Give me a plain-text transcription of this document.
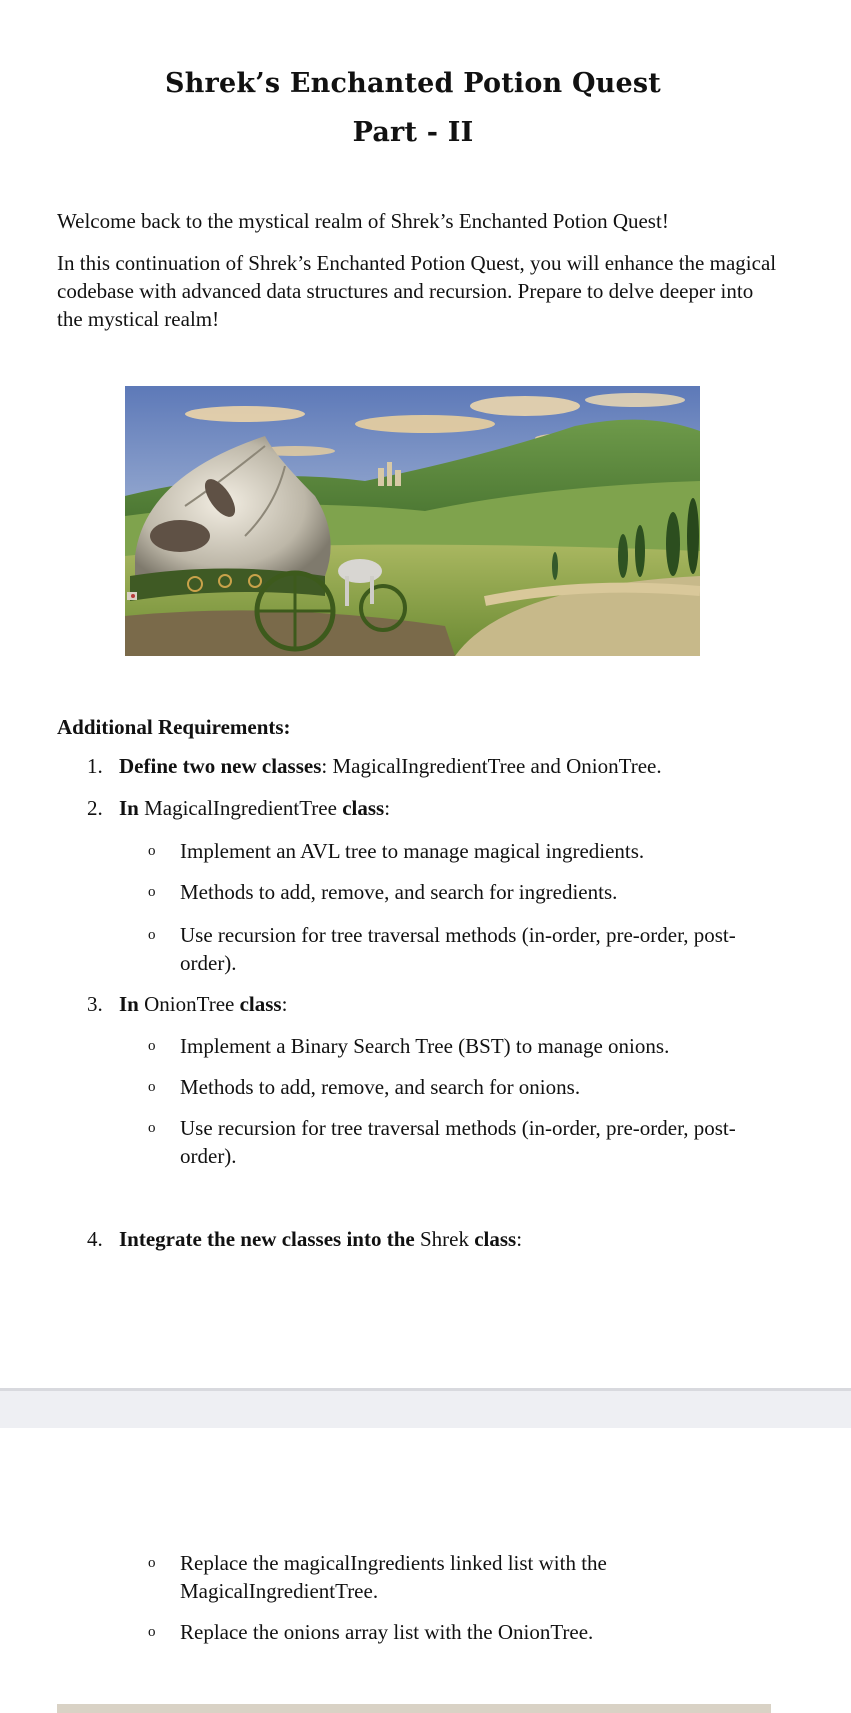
Shrek’s Enchanted Potion Quest
Part - II
Welcome back to the mystical realm of Shrek’s Enchanted Potion Quest!
In this continuation of Shrek’s Enchanted Potion Quest, you will enhance the magical codebase with advanced data structures and recursion. Prepare to delve deeper into the mystical realm!
Additional Requirements:
1. Define two new classes: MagicalIngredientTree and OnionTree.
2. In MagicalIngredientTree class:
o Implement an AVL tree to manage magical ingredients.
o Methods to add, remove, and search for ingredients.
o Use recursion for tree traversal methods (in-order, pre-order, post-order).
3. In OnionTree class:
o Implement a Binary Search Tree (BST) to manage onions.
o Methods to add, remove, and search for onions.
o Use recursion for tree traversal methods (in-order, pre-order, post-order).
4. Integrate the new classes into the Shrek class:
o Replace the magicalIngredients linked list with the MagicalIngredientTree.
o Replace the onions array list with the OnionTree.
